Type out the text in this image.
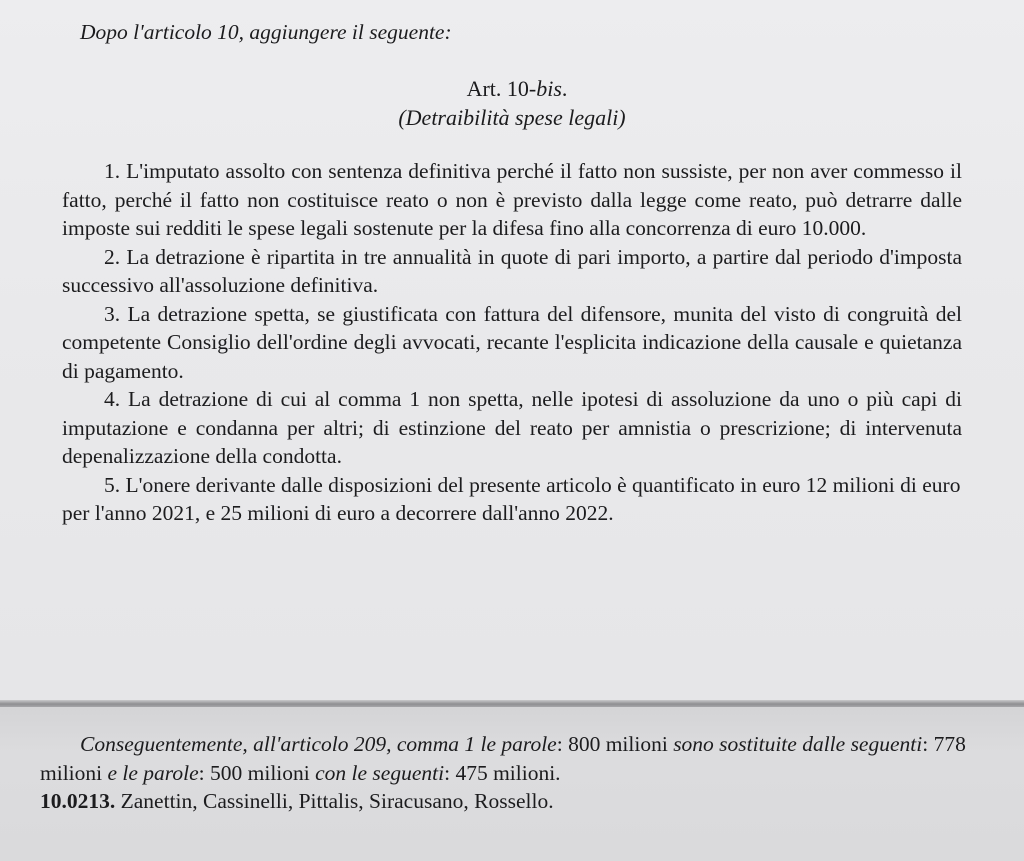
Dopo l'articolo 10, aggiungere il seguente:
Art. 10-bis.
(Detraibilità spese legali)

1. L'imputato assolto con sentenza definitiva perché il fatto non sussiste, per non aver commesso il fatto, perché il fatto non costituisce reato o non è previsto dalla legge come reato, può detrarre dalle imposte sui redditi le spese legali sostenute per la difesa fino alla concorrenza di euro 10.000.

2. La detrazione è ripartita in tre annualità in quote di pari importo, a partire dal periodo d'imposta successivo all'assoluzione definitiva.

3. La detrazione spetta, se giustificata con fattura del difensore, munita del visto di congruità del competente Consiglio dell'ordine degli avvocati, recante l'esplicita indicazione della causale e quietanza di pagamento.

4. La detrazione di cui al comma 1 non spetta, nelle ipotesi di assoluzione da uno o più capi di imputazione e condanna per altri; di estinzione del reato per amnistia o prescrizione; di intervenuta depenalizzazione della condotta.

5. L'onere derivante dalle disposizioni del presente articolo è quantificato in euro 12 milioni di euro per l'anno 2021, e 25 milioni di euro a decorrere dall'anno 2022.

Conseguentemente, all'articolo 209, comma 1 le parole: 800 milioni sono sostituite dalle seguenti: 778 milioni e le parole: 500 milioni con le seguenti: 475 milioni.

10.0213. Zanettin, Cassinelli, Pittalis, Siracusano, Rossello.
